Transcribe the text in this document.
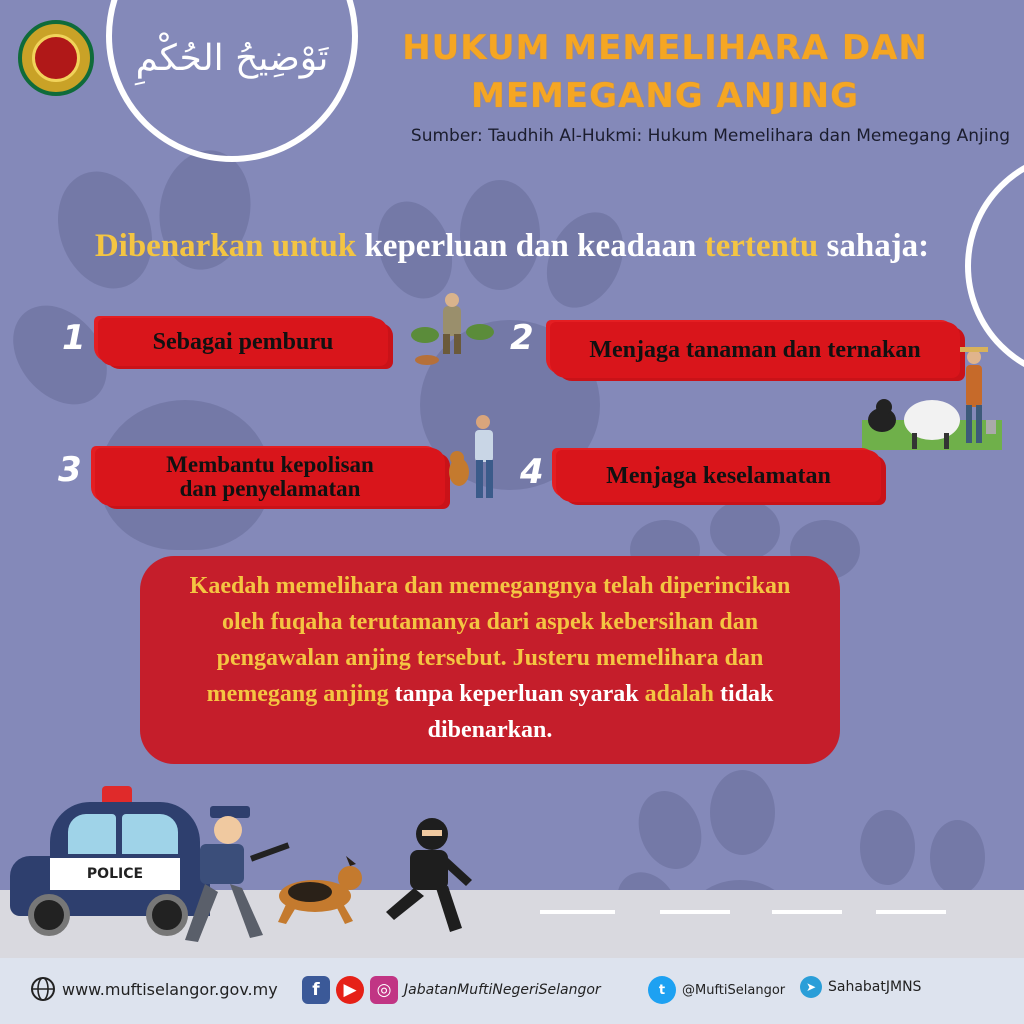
تَوْضِيحُ الحُكْمِ	HUKUM MEMELIHARA DAN
MEMEGANG ANJING
Sumber: Taudhih Al-Hukmi: Hukum Memelihara dan Memegang Anjing
Dibenarkan untuk keperluan dan keadaan tertentu sahaja:
1	Sebagai pemburu	2	Menjaga tanaman dan ternakan
3	Membantu kepolisan
dan penyelamatan	4	Menjaga keselamatan
Kaedah memelihara dan memegangnya telah diperincikan oleh fuqaha terutamanya dari aspek kebersihan dan pengawalan anjing tersebut. Justeru memelihara dan memegang anjing tanpa keperluan syarak adalah tidak dibenarkan.
POLICE
www.muftiselangor.gov.my	f	▶	◎ JabatanMuftiNegeriSelangor	t	@MuftiSelangor	➤ SahabatJMNS
